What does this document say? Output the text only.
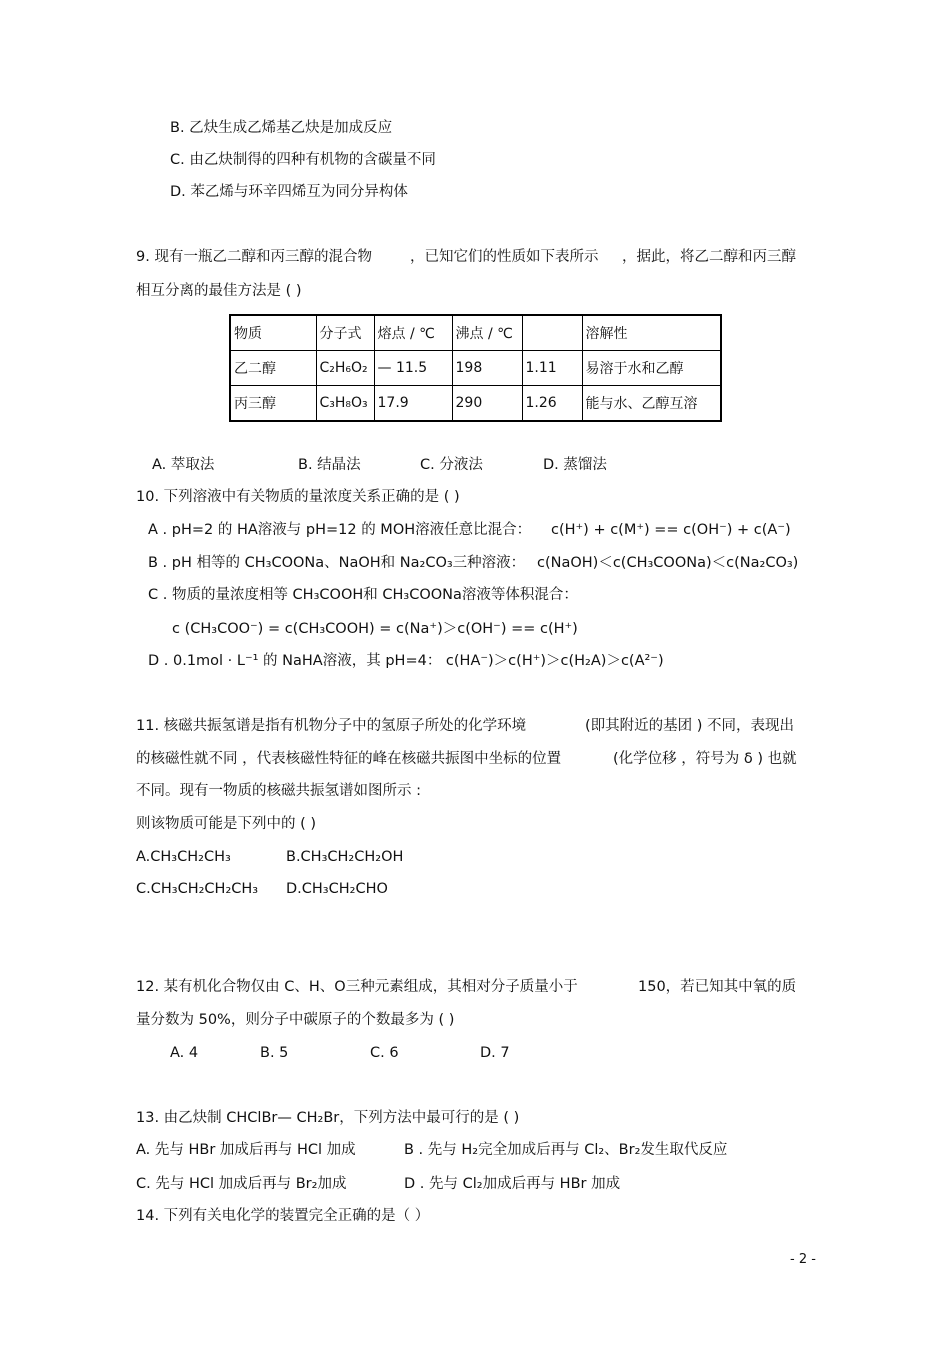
B. 乙炔生成乙烯基乙炔是加成反应
C. 由乙炔制得的四种有机物的含碳量不同
D. 苯乙烯与环辛四烯互为同分异构体
9. 现有一瓶乙二醇和丙三醇的混合物	，已知它们的性质如下表所示 ，据此，将乙二醇和丙三醇
相互分离的最佳方法是 ( )
物质	分子式	熔点 / ℃	沸点 / ℃		溶解性
乙二醇	C₂H₆O₂	— 11.5	198	1.11	易溶于水和乙醇
丙三醇	C₃H₈O₃	17.9	290	1.26	能与水、乙醇互溶
A. 萃取法	B. 结晶法	C. 分液法	D. 蒸馏法
10. 下列溶液中有关物质的量浓度关系正确的是 ( )
A . pH=2 的 HA溶液与 pH=12 的 MOH溶液任意比混合： c(H⁺) + c(M⁺) == c(OH⁻) + c(A⁻)
B . pH 相等的 CH₃COONa、NaOH和 Na₂CO₃三种溶液： c(NaOH)＜c(CH₃COONa)＜c(Na₂CO₃)
C . 物质的量浓度相等 CH₃COOH和 CH₃COONa溶液等体积混合：
c (CH₃COO⁻) = c(CH₃COOH) = c(Na⁺)＞c(OH⁻) == c(H⁺)
D . 0.1mol · L⁻¹ 的 NaHA溶液，其 pH=4： c(HA⁻)＞c(H⁺)＞c(H₂A)＞c(A²⁻)
11. 核磁共振氢谱是指有机物分子中的氢原子所处的化学环境	(即其附近的基团 ) 不同，表现出
的核磁性就不同 ，代表核磁性特征的峰在核磁共振图中坐标的位置	(化学位移 ，符号为 δ ) 也就
不同。现有一物质的核磁共振氢谱如图所示 :
则该物质可能是下列中的 ( )
A.CH₃CH₂CH₃	B.CH₃CH₂CH₂OH
C.CH₃CH₂CH₂CH₃ D.CH₃CH₂CHO
12. 某有机化合物仅由 C、H、O三种元素组成，其相对分子质量小于	150，若已知其中氧的质
量分数为 50%，则分子中碳原子的个数最多为 ( )
A. 4	B. 5	C. 6	D. 7
13. 由乙炔制 CHClBr— CH₂Br，下列方法中最可行的是 ( )
A. 先与 HBr 加成后再与 HCl 加成	B . 先与 H₂完全加成后再与 Cl₂、Br₂发生取代反应
C. 先与 HCl 加成后再与 Br₂加成	D . 先与 Cl₂加成后再与 HBr 加成
14. 下列有关电化学的装置完全正确的是（ ）
- 2 -
